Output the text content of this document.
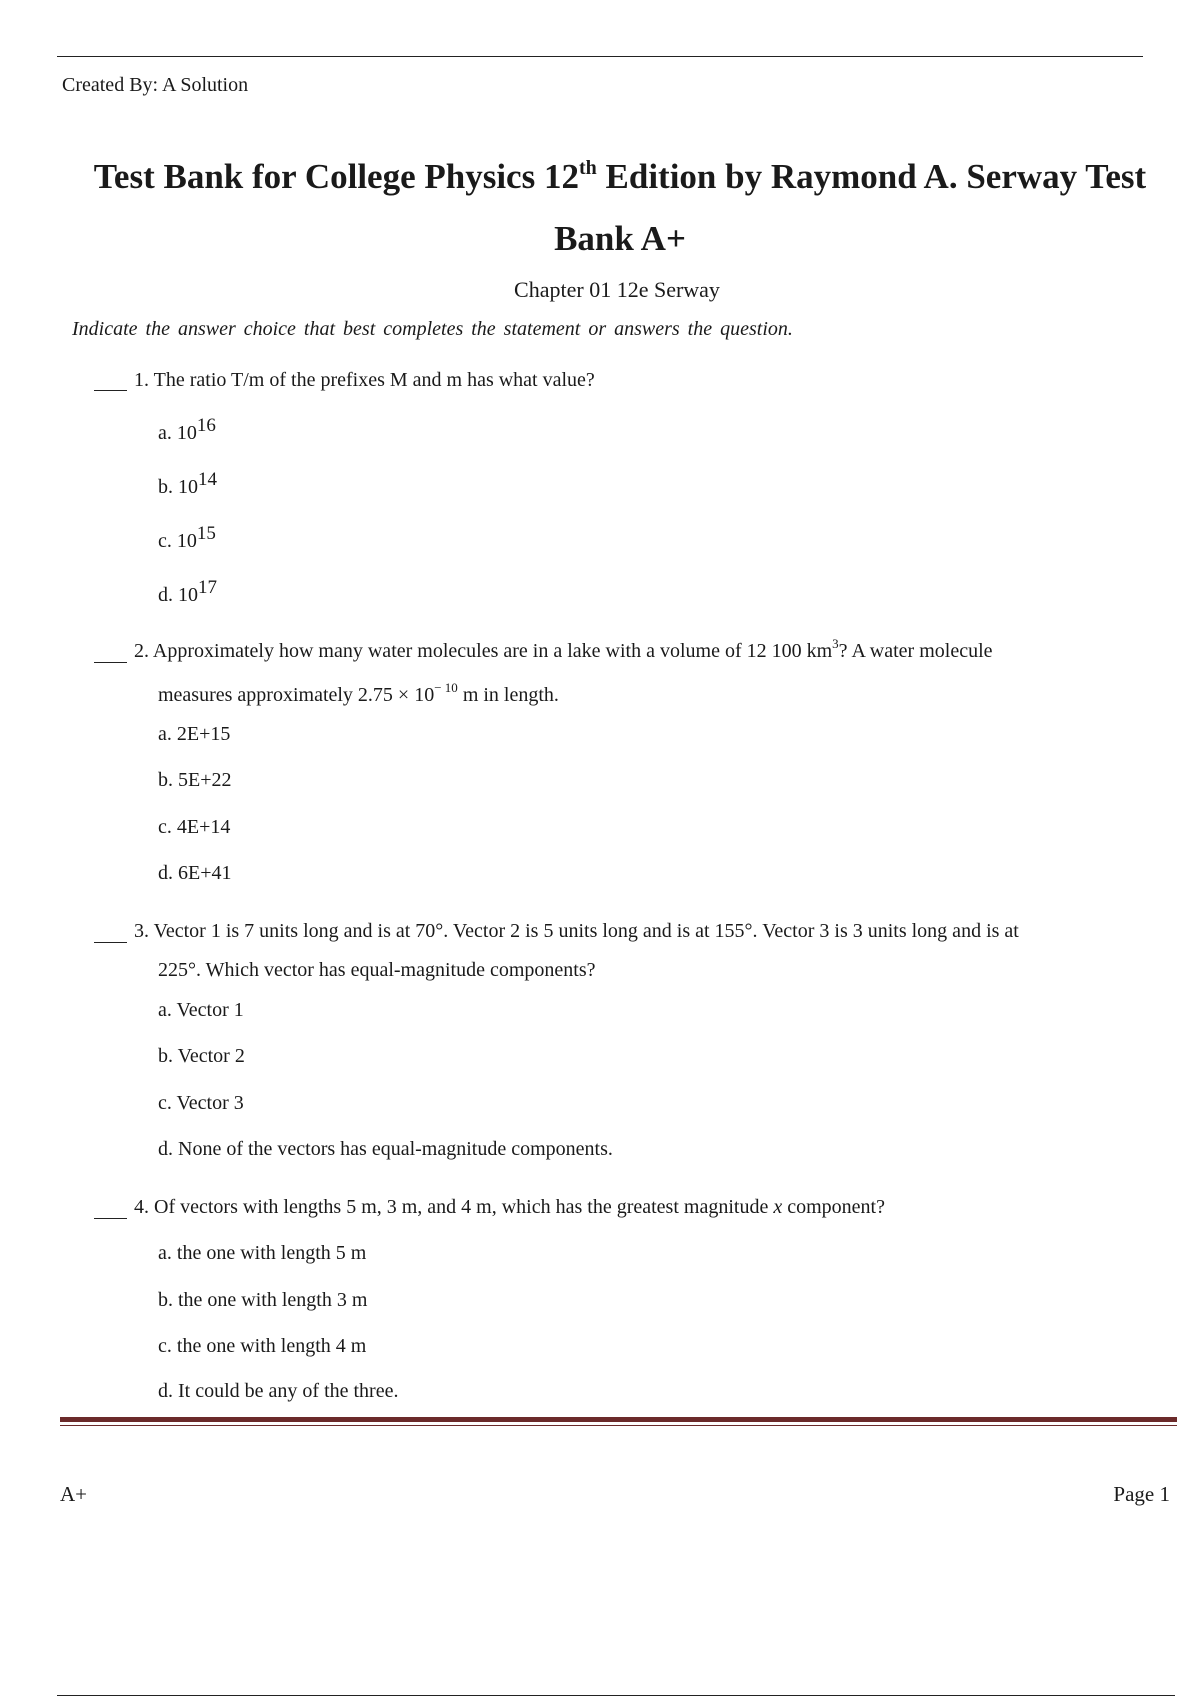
Created By: A Solution
Test Bank for College Physics 12th Edition by Raymond A. Serway Test
Bank A+
Chapter 01 12e Serway
Indicate the answer choice that best completes the statement or answers the question.
1. The ratio T/m of the prefixes M and m has what value?
a. $10^{16}$
b. $10^{14}$
c. $10^{15}$
d. $10^{17}$
2. Approximately how many water molecules are in a lake with a volume of 12 100 $km^3$? A water molecule
measures approximately $2.75 \times 10^{- 10}$ m in length.
a. 2E+15
b. 5E+22
c. 4E+14
d. 6E+41
3. Vector 1 is 7 units long and is at 70°. Vector 2 is 5 units long and is at 155°. Vector 3 is 3 units long and is at
225°. Which vector has equal-magnitude components?
a. Vector 1
b. Vector 2
c. Vector 3
d. None of the vectors has equal-magnitude components.
4. Of vectors with lengths 5 m, 3 m, and 4 m, which has the greatest magnitude x component?
a. the one with length 5 m
b. the one with length 3 m
c. the one with length 4 m
d. It could be any of the three.
A+	Page 1
